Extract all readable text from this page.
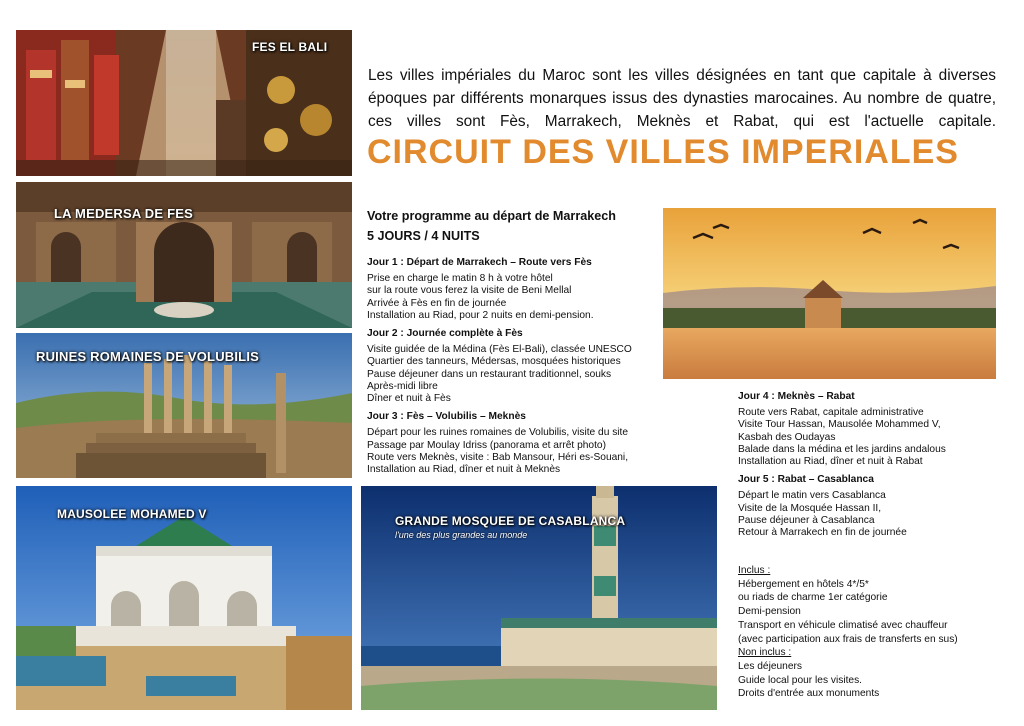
FES EL BALI
LA MEDERSA DE FES
RUINES ROMAINES DE VOLUBILIS
MAUSOLEE MOHAMED V	GRANDE MOSQUEE DE CASABLANCA
l'une des plus grandes au monde
Les villes impériales du Maroc sont les villes désignées en tant que capitale à diverses époques par différents monarques issus des dynasties marocaines. Au nombre de quatre, ces villes sont Fès, Marrakech, Meknès et Rabat, qui est l'actuelle capitale.
CIRCUIT DES VILLES IMPERIALES
Votre programme au départ de Marrakech
5 JOURS / 4 NUITS
Jour 1 : Départ de Marrakech – Route vers Fès
Prise en charge le matin 8 h à votre hôtel
sur la route vous ferez la visite de Beni Mellal
Arrivée à Fès en fin de journée
Installation au Riad, pour 2 nuits en demi-pension.
Jour 2 : Journée complète à Fès
Visite guidée de la Médina (Fès El-Bali), classée UNESCO
Quartier des tanneurs, Médersas, mosquées historiques
Pause déjeuner dans un restaurant traditionnel, souks
Après-midi libre
Dîner et nuit à Fès
Jour 3 : Fès – Volubilis – Meknès
Départ pour les ruines romaines de Volubilis, visite du site
Passage par Moulay Idriss (panorama et arrêt photo)
Route vers Meknès, visite : Bab Mansour, Héri es-Souani,
Installation au Riad, dîner et nuit à Meknès
Jour 4 : Meknès – Rabat
Route vers Rabat, capitale administrative
Visite Tour Hassan, Mausolée Mohammed V,
Kasbah des Oudayas
Balade dans la médina et les jardins andalous
Installation au Riad, dîner et nuit à Rabat
Jour 5 : Rabat – Casablanca
Départ le matin vers Casablanca
Visite de la Mosquée Hassan II,
Pause déjeuner à Casablanca
Retour à Marrakech en fin de journée
Inclus :
Hébergement en hôtels 4*/5*
ou riads de charme 1er catégorie
Demi-pension
Transport en véhicule climatisé avec chauffeur
(avec participation aux frais de transferts en sus)
Non inclus :
Les déjeuners
Guide local pour les visites.
Droits d'entrée aux monuments
